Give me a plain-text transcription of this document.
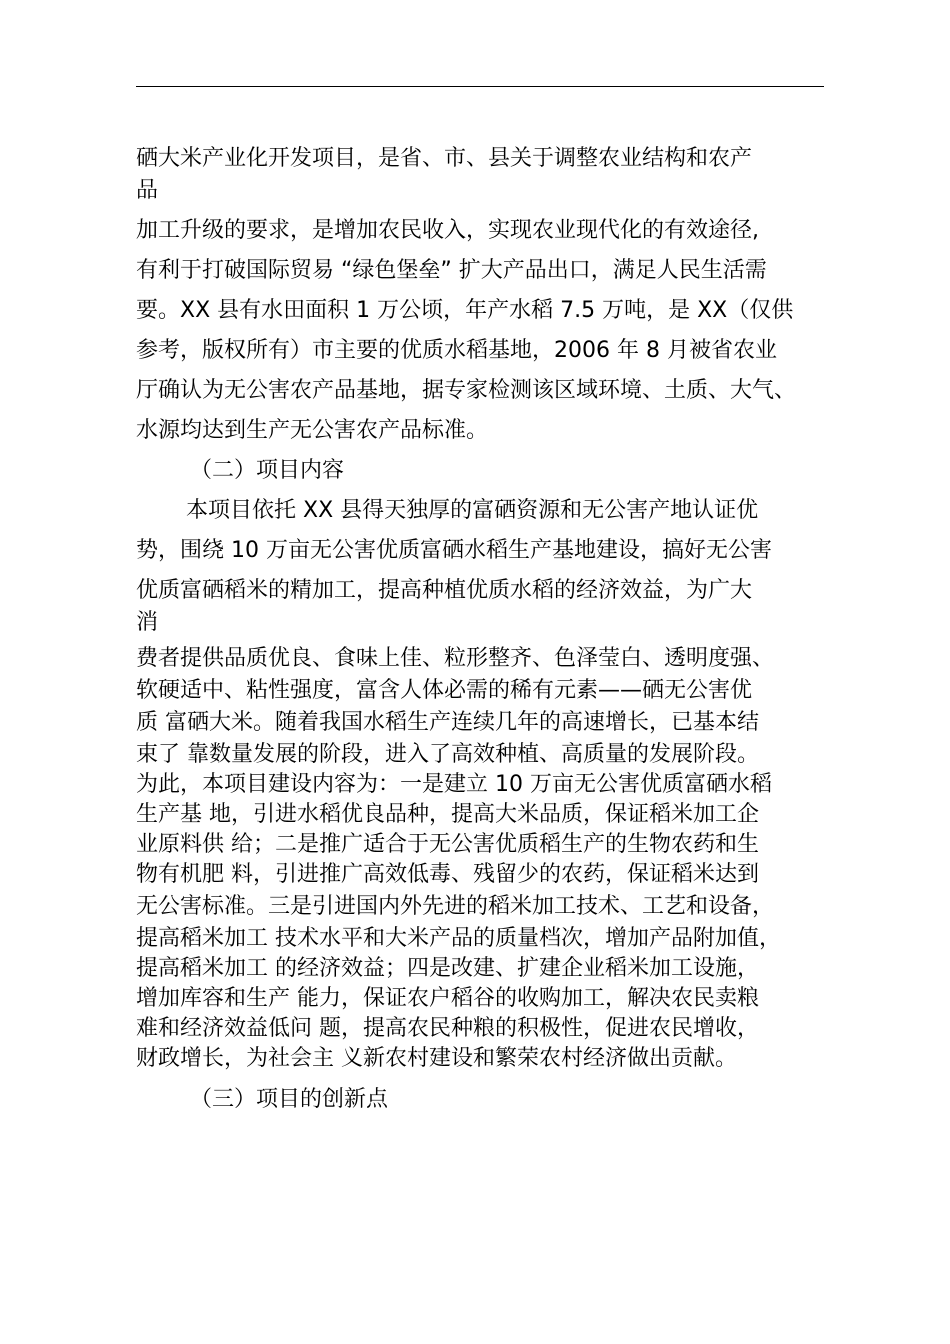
硒大米产业化开发项目，是省、市、县关于调整农业结构和农产

品

加工升级的要求，是增加农民收入，实现农业现代化的有效途径,

有利于打破国际贸易 “绿色堡垒” 扩大产品出口，满足人民生活需

要。XX 县有水田面积 1 万公顷，年产水稻 7.5 万吨，是 XX（仅供

参考，版权所有）市主要的优质水稻基地，2006 年 8 月被省农业

厅确认为无公害农产品基地，据专家检测该区域环境、土质、大气、

水源均达到生产无公害农产品标准。

（二）项目内容

本项目依托 XX 县得天独厚的富硒资源和无公害产地认证优

势，围绕 10 万亩无公害优质富硒水稻生产基地建设，搞好无公害

优质富硒稻米的精加工，提高种植优质水稻的经济效益，为广大

消

费者提供品质优良、食味上佳、粒形整齐、色泽莹白、透明度强、

软硬适中、粘性强度，富含人体必需的稀有元素——硒无公害优

质 富硒大米。随着我国水稻生产连续几年的高速增长，已基本结

束了 靠数量发展的阶段，进入了高效种植、高质量的发展阶段。

为此，本项目建设内容为：一是建立 10 万亩无公害优质富硒水稻

生产基 地，引进水稻优良品种，提高大米品质，保证稻米加工企

业原料供 给；二是推广适合于无公害优质稻生产的生物农药和生

物有机肥 料，引进推广高效低毒、残留少的农药，保证稻米达到

无公害标准。三是引进国内外先进的稻米加工技术、工艺和设备，

提高稻米加工 技术水平和大米产品的质量档次，增加产品附加值，

提高稻米加工 的经济效益；四是改建、扩建企业稻米加工设施，

增加库容和生产 能力，保证农户稻谷的收购加工，解决农民卖粮

难和经济效益低问 题，提高农民种粮的积极性，促进农民增收，

财政增长，为社会主 义新农村建设和繁荣农村经济做出贡献。

（三）项目的创新点
